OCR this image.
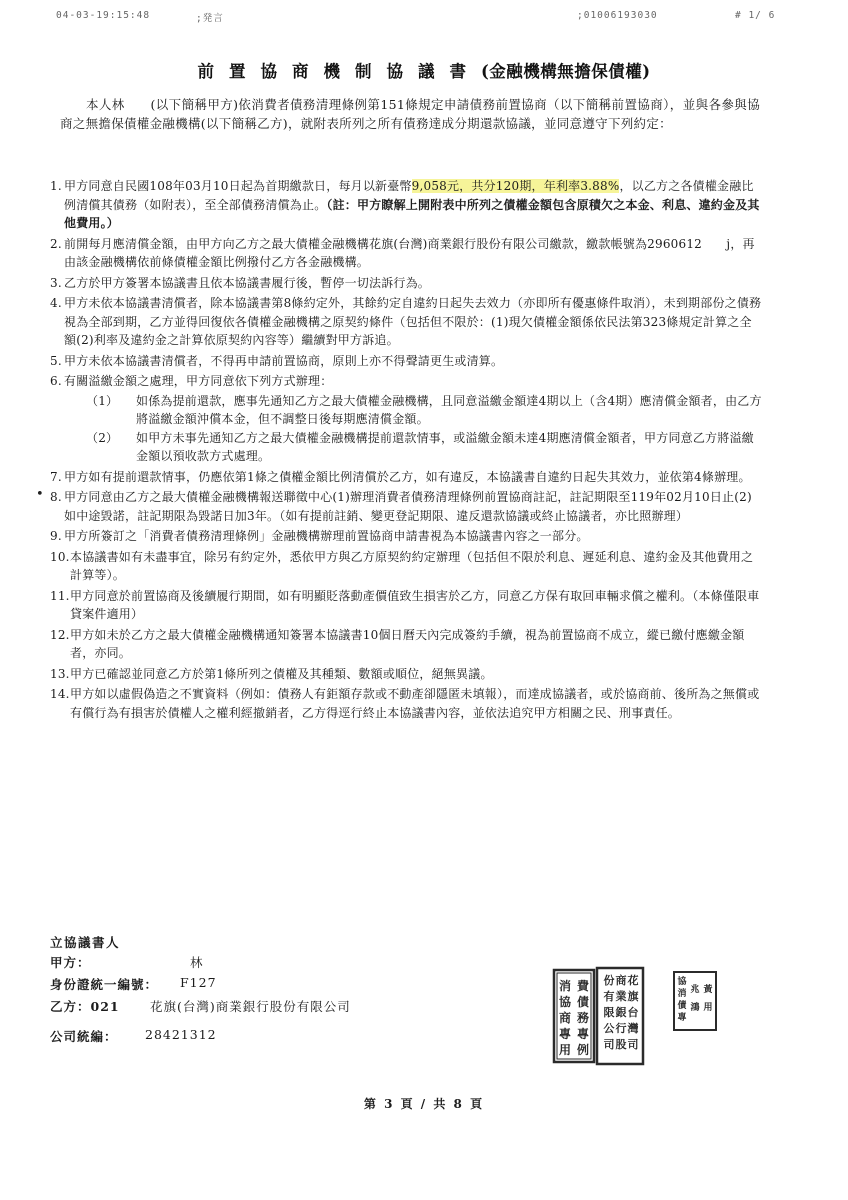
04-03-19:15:48	;発言	;01006193030	# 1/ 6
前置協商機制協議書(金融機構無擔保債權)
本人林　　(以下簡稱甲方)依消費者債務清理條例第151條規定申請債務前置協商（以下簡稱前置協商），並與各參與協商之無擔保債權金融機構(以下簡稱乙方)，就附表所列之所有債務達成分期還款協議，並同意遵守下列約定：
•
1. 甲方同意自民國108年03月10日起為首期繳款日，每月以新臺幣9,058元，共分120期，年利率3.88%，以乙方之各債權金融比例清償其債務（如附表），至全部債務清償為止。（註：甲方瞭解上開附表中所列之債權金額包含原積欠之本金、利息、違約金及其他費用。）
2. 前開每月應清償金額，由甲方向乙方之最大債權金融機構花旗(台灣)商業銀行股份有限公司繳款，繳款帳號為2960612　　j，再由該金融機構依前條債權金額比例撥付乙方各金融機構。
3. 乙方於甲方簽署本協議書且依本協議書履行後，暫停一切法訴行為。
4. 甲方未依本協議書清償者，除本協議書第8條約定外，其餘約定自違約日起失去效力（亦即所有優惠條件取消），未到期部份之債務視為全部到期，乙方並得回復依各債權金融機構之原契約條件（包括但不限於：(1)現欠債權金額係依民法第323條規定計算之全額(2)利率及違約金之計算依原契約內容等）繼續對甲方訴追。
5. 甲方未依本協議書清償者，不得再申請前置協商，原則上亦不得聲請更生或清算。
6. 有關溢繳金額之處理，甲方同意依下列方式辦理：
（1） 如係為提前還款，應事先通知乙方之最大債權金融機構，且同意溢繳金額達4期以上（含4期）應清償金額者，由乙方將溢繳金額沖償本金，但不調整日後每期應清償金額。
（2） 如甲方未事先通知乙方之最大債權金融機構提前還款情事，或溢繳金額未達4期應清償金額者，甲方同意乙方將溢繳金額以預收款方式處理。
7. 甲方如有提前還款情事，仍應依第1條之債權金額比例清償於乙方，如有違反，本協議書自違約日起失其效力，並依第4條辦理。
8. 甲方同意由乙方之最大債權金融機構報送聯徵中心(1)辦理消費者債務清理條例前置協商註記，註記期限至119年02月10日止(2)如中途毀諾，註記期限為毀諾日加3年。（如有提前註銷、變更登記期限、違反還款協議或終止協議者，亦比照辦理）
9. 甲方所簽訂之「消費者債務清理條例」金融機構辦理前置協商申請書視為本協議書內容之一部分。
10. 本協議書如有未盡事宜，除另有約定外，悉依甲方與乙方原契約約定辦理（包括但不限於利息、遲延利息、違約金及其他費用之計算等）。
11. 甲方同意於前置協商及後續履行期間，如有明顯貶落動產價值致生損害於乙方，同意乙方保有取回車輛求償之權利。（本條僅限車貸案件適用）
12. 甲方如未於乙方之最大債權金融機構通知簽署本協議書10個日曆天內完成簽約手續，視為前置協商不成立，縱已繳付應繳金額者，亦同。
13. 甲方已確認並同意乙方於第1條所列之債權及其種類、數額或順位，絕無異議。
14. 甲方如以虛假偽造之不實資料（例如：債務人有鉅額存款或不動產卻隱匿未填報），而達成協議者，或於協商前、後所為之無償或有償行為有損害於債權人之權利經撤銷者，乙方得逕行終止本協議書內容，並依法追究甲方相關之民、刑事責任。
立協議書人
甲方：	林　
身份證統一編號： F127
乙方：021 花旗(台灣)商業銀行股份有限公司
公司統編： 28421312
消
協
商
專
用
費
債
務
專
例
份
有
限
公
司
商
業
銀
行
股
花
旗
台
灣
司
協
消
債
專
兆
鴻
黃
用
第 3 頁 / 共 8 頁
